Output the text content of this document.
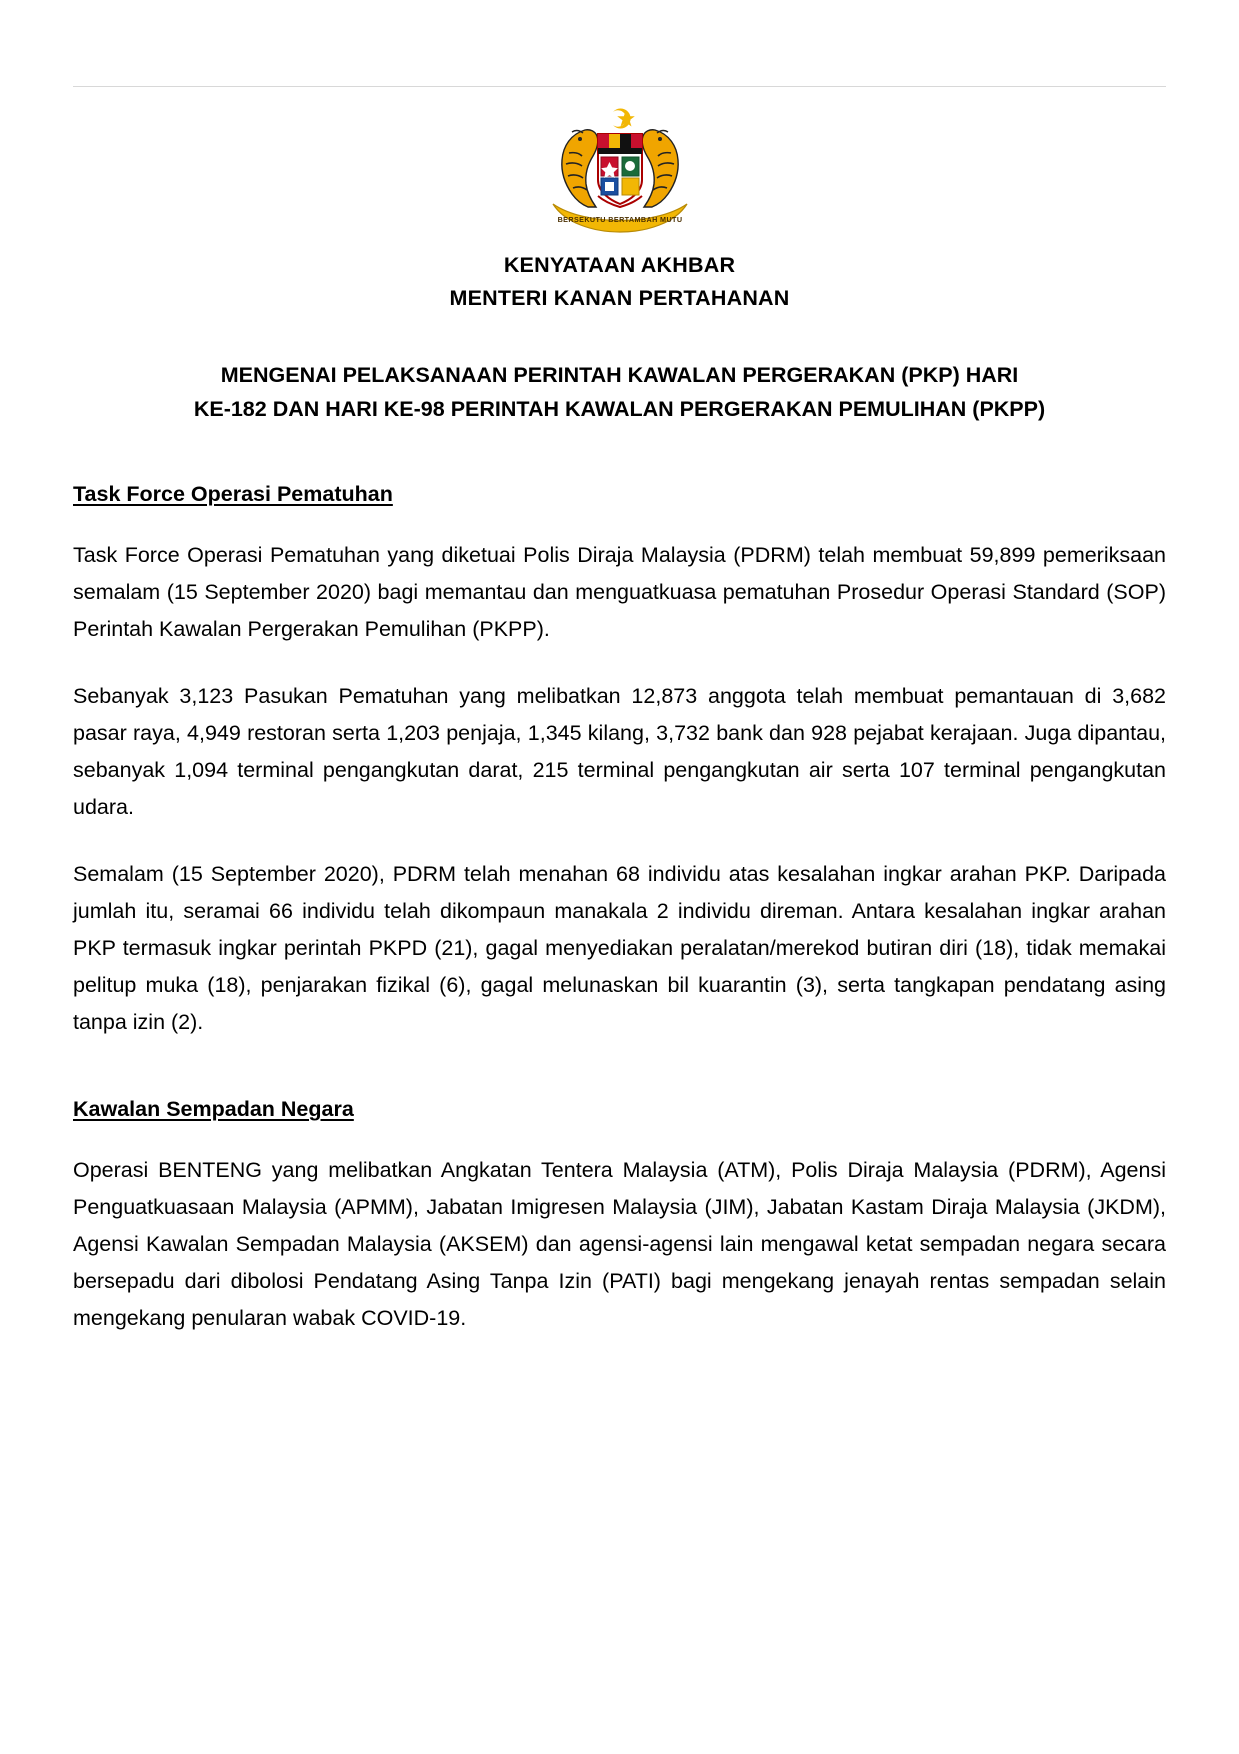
BERSEKUTU BERTAMBAH MUTU
KENYATAAN AKHBAR
MENTERI KANAN PERTAHANAN
MENGENAI PELAKSANAAN PERINTAH KAWALAN PERGERAKAN (PKP) HARI
KE-182 DAN HARI KE-98 PERINTAH KAWALAN PERGERAKAN PEMULIHAN (PKPP)
Task Force Operasi Pematuhan

Task Force Operasi Pematuhan yang diketuai Polis Diraja Malaysia (PDRM) telah membuat 59,899 pemeriksaan semalam (15 September 2020) bagi memantau dan menguatkuasa pematuhan Prosedur Operasi Standard (SOP) Perintah Kawalan Pergerakan Pemulihan (PKPP).

Sebanyak 3,123 Pasukan Pematuhan yang melibatkan 12,873 anggota telah membuat pemantauan di 3,682 pasar raya, 4,949 restoran serta 1,203 penjaja, 1,345 kilang, 3,732 bank dan 928 pejabat kerajaan. Juga dipantau, sebanyak 1,094 terminal pengangkutan darat, 215 terminal pengangkutan air serta 107 terminal pengangkutan udara.

Semalam (15 September 2020), PDRM telah menahan 68 individu atas kesalahan ingkar arahan PKP. Daripada jumlah itu, seramai 66 individu telah dikompaun manakala 2 individu direman. Antara kesalahan ingkar arahan PKP termasuk ingkar perintah PKPD (21), gagal menyediakan peralatan/merekod butiran diri (18), tidak memakai pelitup muka (18), penjarakan fizikal (6), gagal melunaskan bil kuarantin (3), serta tangkapan pendatang asing tanpa izin (2).

Kawalan Sempadan Negara

Operasi BENTENG yang melibatkan Angkatan Tentera Malaysia (ATM), Polis Diraja Malaysia (PDRM), Agensi Penguatkuasaan Malaysia (APMM), Jabatan Imigresen Malaysia (JIM), Jabatan Kastam Diraja Malaysia (JKDM), Agensi Kawalan Sempadan Malaysia (AKSEM) dan agensi-agensi lain mengawal ketat sempadan negara secara bersepadu dari dibolosi Pendatang Asing Tanpa Izin (PATI) bagi mengekang jenayah rentas sempadan selain mengekang penularan wabak COVID-19.
